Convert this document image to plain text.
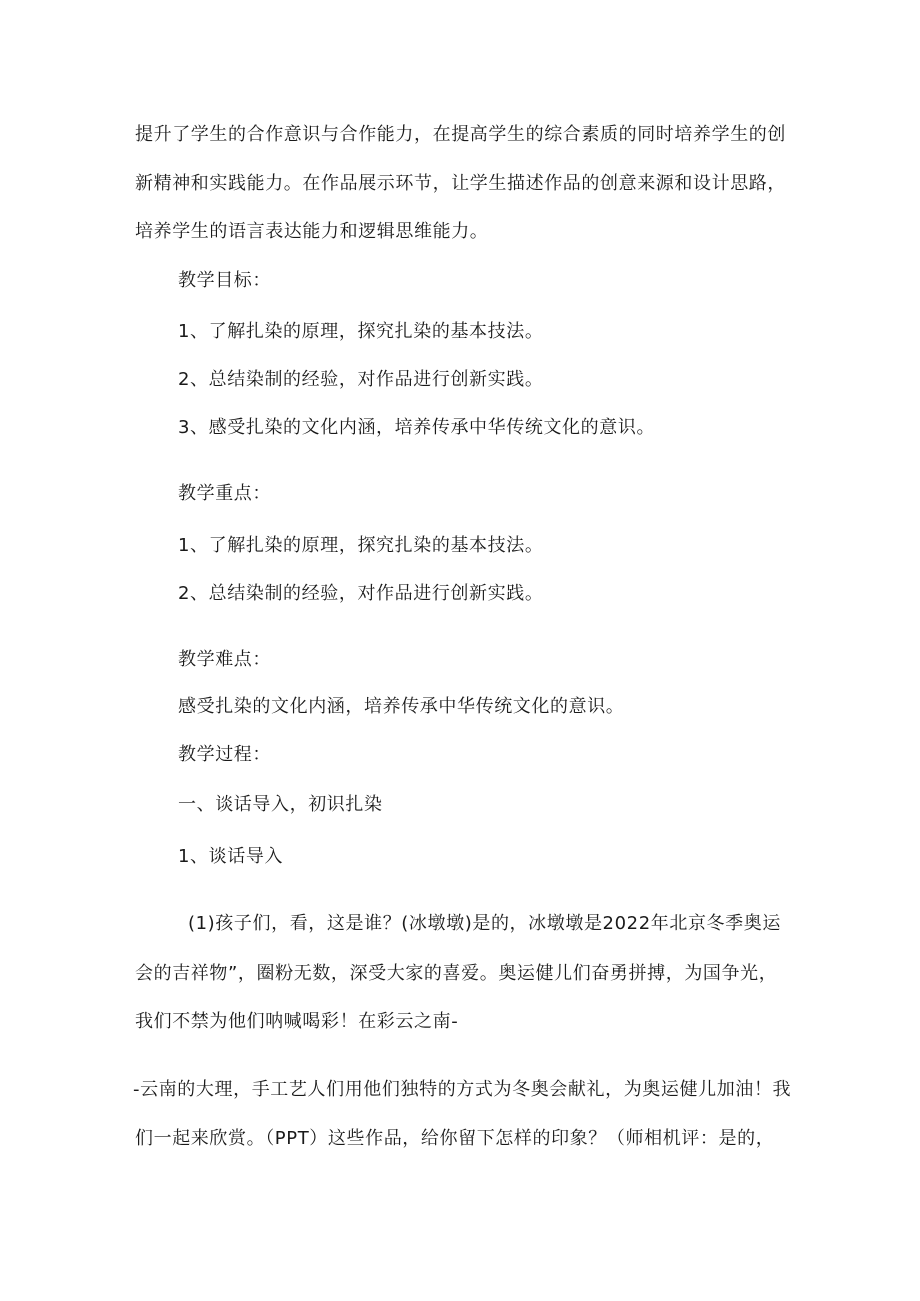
提升了学生的合作意识与合作能力，在提高学生的综合素质的同时培养学生的创
新精神和实践能力。在作品展示环节，让学生描述作品的创意来源和设计思路，
培养学生的语言表达能力和逻辑思维能力。
教学目标：
1、了解扎染的原理，探究扎染的基本技法。
2、总结染制的经验，对作品进行创新实践。
3、感受扎染的文化内涵，培养传承中华传统文化的意识。
教学重点：
1、了解扎染的原理，探究扎染的基本技法。
2、总结染制的经验，对作品进行创新实践。
教学难点：
感受扎染的文化内涵，培养传承中华传统文化的意识。
教学过程：
一、谈话导入，初识扎染
1、谈话导入
(1)孩子们，看，这是谁？(冰墩墩)是的，冰墩墩是2022年北京冬季奥运
会的吉祥物”，圈粉无数，深受大家的喜爱。奥运健儿们奋勇拼搏，为国争光，
我们不禁为他们呐喊喝彩！在彩云之南-
-云南的大理，手工艺人们用他们独特的方式为冬奥会献礼，为奥运健儿加油！我
们一起来欣赏。（PPT）这些作品，给你留下怎样的印象？（师相机评：是的，
